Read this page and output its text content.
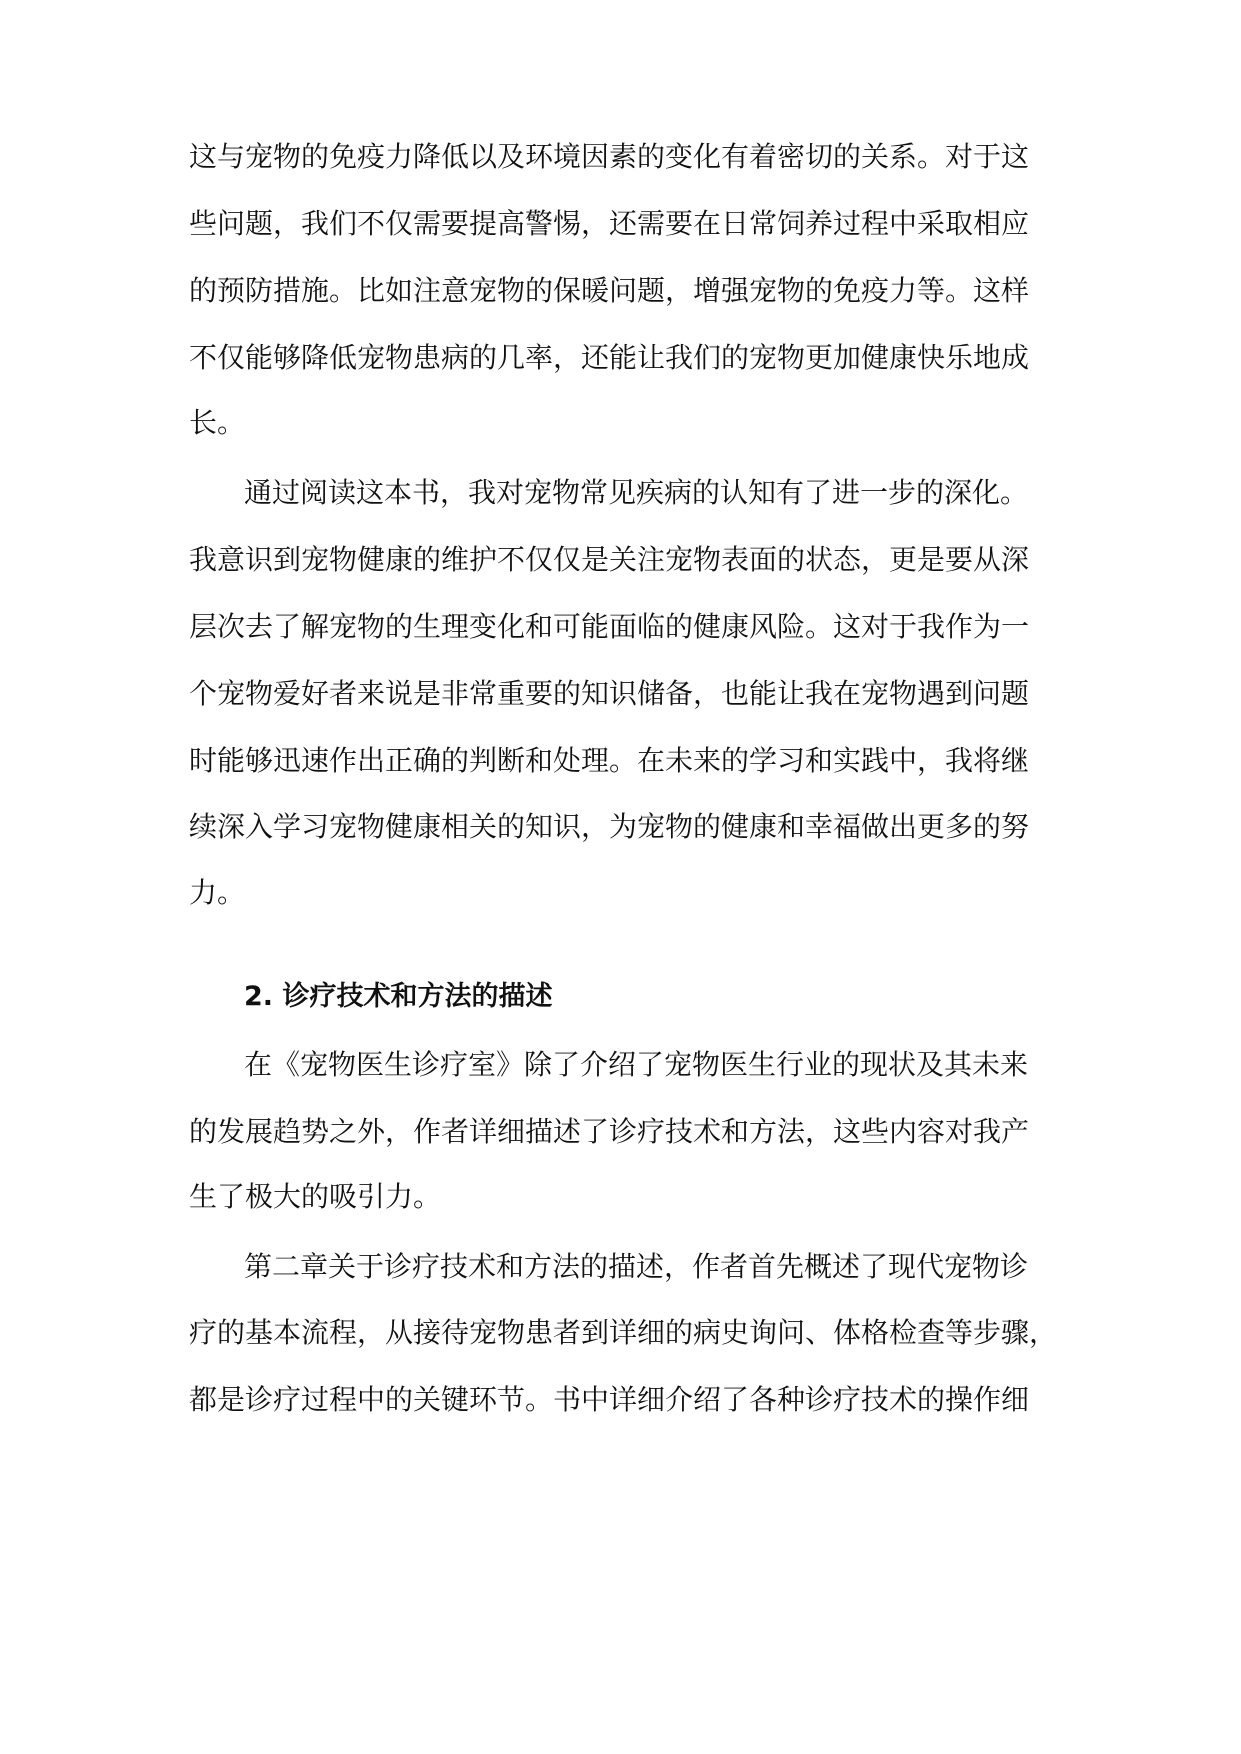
这与宠物的免疫力降低以及环境因素的变化有着密切的关系。对于这
些问题，我们不仅需要提高警惕，还需要在日常饲养过程中采取相应
的预防措施。比如注意宠物的保暖问题，增强宠物的免疫力等。这样
不仅能够降低宠物患病的几率，还能让我们的宠物更加健康快乐地成
长。
通过阅读这本书，我对宠物常见疾病的认知有了进一步的深化。
我意识到宠物健康的维护不仅仅是关注宠物表面的状态，更是要从深
层次去了解宠物的生理变化和可能面临的健康风险。这对于我作为一
个宠物爱好者来说是非常重要的知识储备，也能让我在宠物遇到问题
时能够迅速作出正确的判断和处理。在未来的学习和实践中，我将继
续深入学习宠物健康相关的知识，为宠物的健康和幸福做出更多的努
力。
2. 诊疗技术和方法的描述
在《宠物医生诊疗室》除了介绍了宠物医生行业的现状及其未来
的发展趋势之外，作者详细描述了诊疗技术和方法，这些内容对我产
生了极大的吸引力。
第二章关于诊疗技术和方法的描述，作者首先概述了现代宠物诊
疗的基本流程，从接待宠物患者到详细的病史询问、体格检查等步骤，
都是诊疗过程中的关键环节。书中详细介绍了各种诊疗技术的操作细
